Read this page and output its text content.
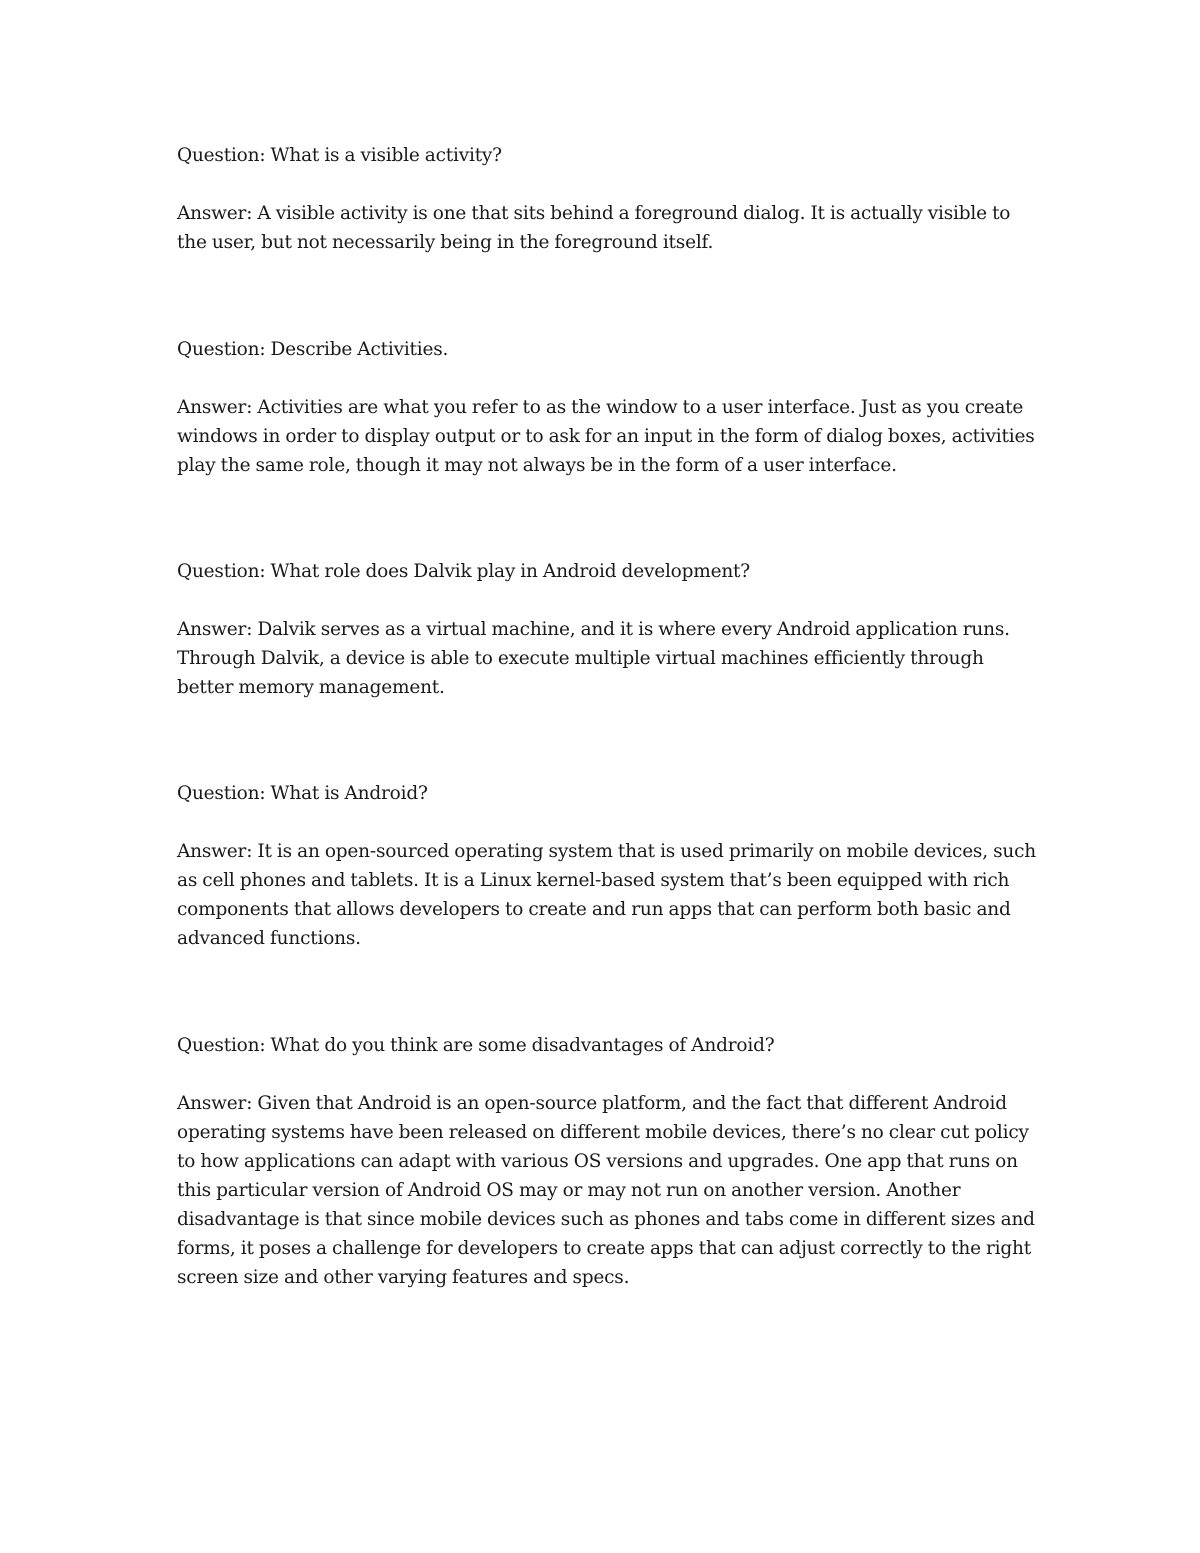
Question: What is a visible activity?

Answer: A visible activity is one that sits behind a foreground dialog. It is actually visible to the user, but not necessarily being in the foreground itself.

Question: Describe Activities.

Answer: Activities are what you refer to as the window to a user interface. Just as you create windows in order to display output or to ask for an input in the form of dialog boxes, activities play the same role, though it may not always be in the form of a user interface.

Question: What role does Dalvik play in Android development?

Answer: Dalvik serves as a virtual machine, and it is where every Android application runs. Through Dalvik, a device is able to execute multiple virtual machines efficiently through better memory management.

Question: What is Android?

Answer: It is an open-sourced operating system that is used primarily on mobile devices, such as cell phones and tablets. It is a Linux kernel-based system that’s been equipped with rich components that allows developers to create and run apps that can perform both basic and advanced functions.

Question: What do you think are some disadvantages of Android?

Answer: Given that Android is an open-source platform, and the fact that different Android operating systems have been released on different mobile devices, there’s no clear cut policy to how applications can adapt with various OS versions and upgrades. One app that runs on this particular version of Android OS may or may not run on another version. Another disadvantage is that since mobile devices such as phones and tabs come in different sizes and forms, it poses a challenge for developers to create apps that can adjust correctly to the right screen size and other varying features and specs.
